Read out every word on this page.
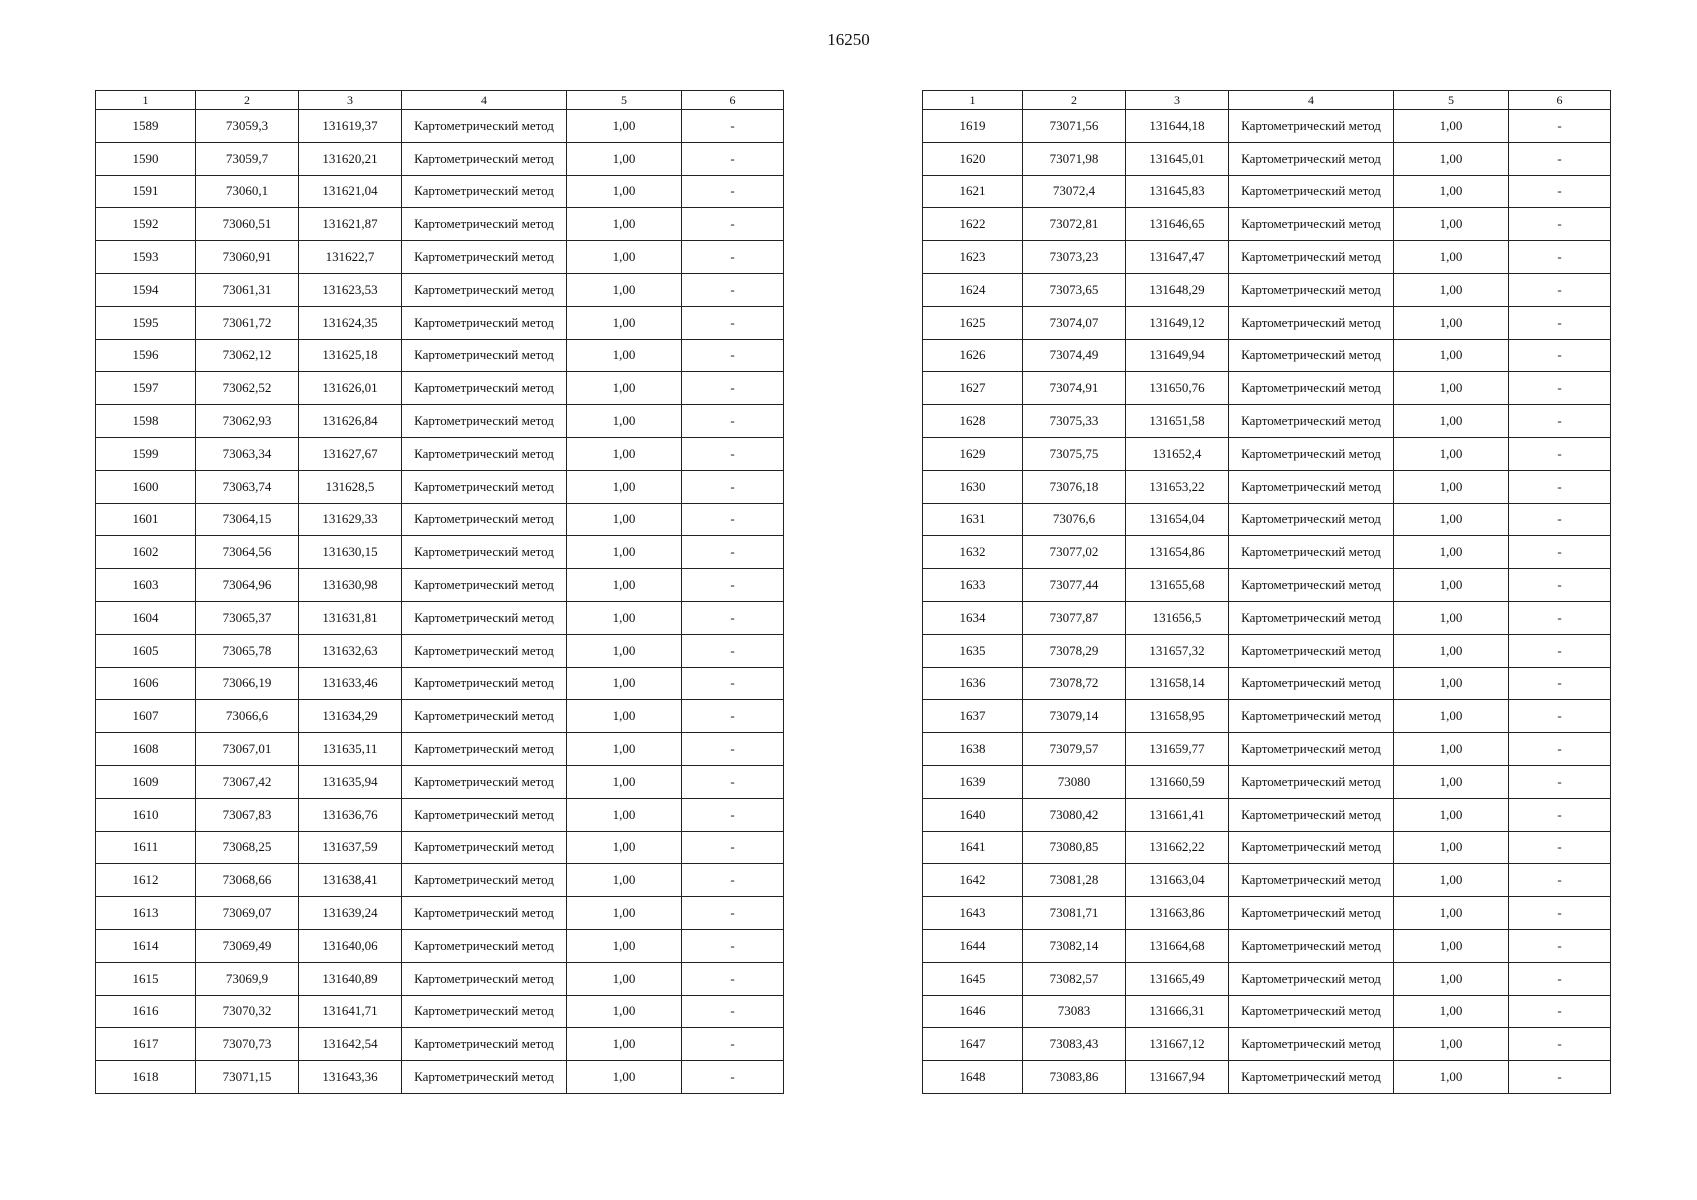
16250
1	2	3	4	5	6
1589	73059,3	131619,37	Картометрический метод	1,00	-
1590	73059,7	131620,21	Картометрический метод	1,00	-
1591	73060,1	131621,04	Картометрический метод	1,00	-
1592	73060,51	131621,87	Картометрический метод	1,00	-
1593	73060,91	131622,7	Картометрический метод	1,00	-
1594	73061,31	131623,53	Картометрический метод	1,00	-
1595	73061,72	131624,35	Картометрический метод	1,00	-
1596	73062,12	131625,18	Картометрический метод	1,00	-
1597	73062,52	131626,01	Картометрический метод	1,00	-
1598	73062,93	131626,84	Картометрический метод	1,00	-
1599	73063,34	131627,67	Картометрический метод	1,00	-
1600	73063,74	131628,5	Картометрический метод	1,00	-
1601	73064,15	131629,33	Картометрический метод	1,00	-
1602	73064,56	131630,15	Картометрический метод	1,00	-
1603	73064,96	131630,98	Картометрический метод	1,00	-
1604	73065,37	131631,81	Картометрический метод	1,00	-
1605	73065,78	131632,63	Картометрический метод	1,00	-
1606	73066,19	131633,46	Картометрический метод	1,00	-
1607	73066,6	131634,29	Картометрический метод	1,00	-
1608	73067,01	131635,11	Картометрический метод	1,00	-
1609	73067,42	131635,94	Картометрический метод	1,00	-
1610	73067,83	131636,76	Картометрический метод	1,00	-
1611	73068,25	131637,59	Картометрический метод	1,00	-
1612	73068,66	131638,41	Картометрический метод	1,00	-
1613	73069,07	131639,24	Картометрический метод	1,00	-
1614	73069,49	131640,06	Картометрический метод	1,00	-
1615	73069,9	131640,89	Картометрический метод	1,00	-
1616	73070,32	131641,71	Картометрический метод	1,00	-
1617	73070,73	131642,54	Картометрический метод	1,00	-
1618	73071,15	131643,36	Картометрический метод	1,00	-
1	2	3	4	5	6
1619	73071,56	131644,18	Картометрический метод	1,00	-
1620	73071,98	131645,01	Картометрический метод	1,00	-
1621	73072,4	131645,83	Картометрический метод	1,00	-
1622	73072,81	131646,65	Картометрический метод	1,00	-
1623	73073,23	131647,47	Картометрический метод	1,00	-
1624	73073,65	131648,29	Картометрический метод	1,00	-
1625	73074,07	131649,12	Картометрический метод	1,00	-
1626	73074,49	131649,94	Картометрический метод	1,00	-
1627	73074,91	131650,76	Картометрический метод	1,00	-
1628	73075,33	131651,58	Картометрический метод	1,00	-
1629	73075,75	131652,4	Картометрический метод	1,00	-
1630	73076,18	131653,22	Картометрический метод	1,00	-
1631	73076,6	131654,04	Картометрический метод	1,00	-
1632	73077,02	131654,86	Картометрический метод	1,00	-
1633	73077,44	131655,68	Картометрический метод	1,00	-
1634	73077,87	131656,5	Картометрический метод	1,00	-
1635	73078,29	131657,32	Картометрический метод	1,00	-
1636	73078,72	131658,14	Картометрический метод	1,00	-
1637	73079,14	131658,95	Картометрический метод	1,00	-
1638	73079,57	131659,77	Картометрический метод	1,00	-
1639	73080	131660,59	Картометрический метод	1,00	-
1640	73080,42	131661,41	Картометрический метод	1,00	-
1641	73080,85	131662,22	Картометрический метод	1,00	-
1642	73081,28	131663,04	Картометрический метод	1,00	-
1643	73081,71	131663,86	Картометрический метод	1,00	-
1644	73082,14	131664,68	Картометрический метод	1,00	-
1645	73082,57	131665,49	Картометрический метод	1,00	-
1646	73083	131666,31	Картометрический метод	1,00	-
1647	73083,43	131667,12	Картометрический метод	1,00	-
1648	73083,86	131667,94	Картометрический метод	1,00	-
